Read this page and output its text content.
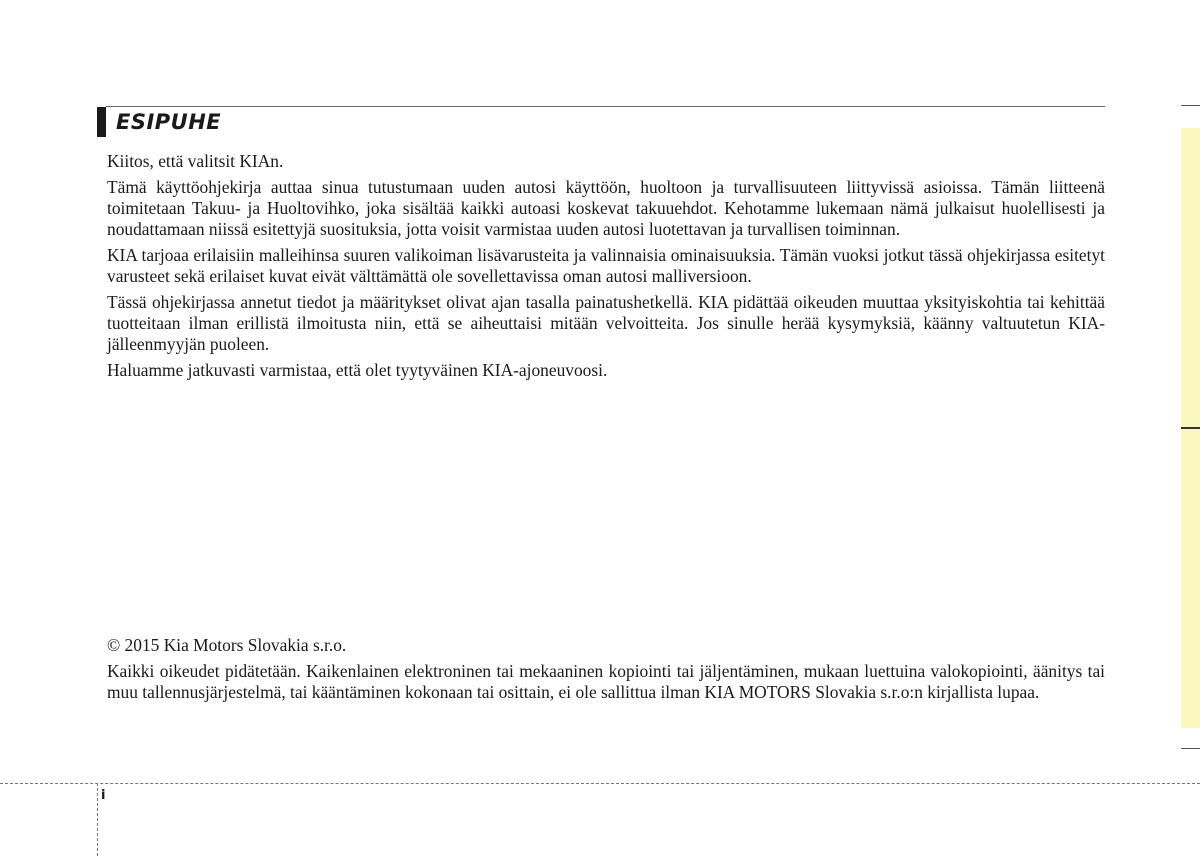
ESIPUHE

Kiitos, että valitsit KIAn.

Tämä käyttöohjekirja auttaa sinua tutustumaan uuden autosi käyttöön, huoltoon ja turvallisuuteen liittyvissä asioissa. Tämän liitteenä toimitetaan Takuu- ja Huoltovihko, joka sisältää kaikki autoasi koskevat takuuehdot. Kehotamme lukemaan nämä julkaisut huolellisesti ja noudattamaan niissä esitettyjä suosituksia, jotta voisit varmistaa uuden autosi luotettavan ja turvallisen toiminnan.

KIA tarjoaa erilaisiin malleihinsa suuren valikoiman lisävarusteita ja valinnaisia ominaisuuksia. Tämän vuoksi jotkut tässä ohjekirjassa esitetyt varusteet sekä erilaiset kuvat eivät välttämättä ole sovellettavissa oman autosi malliversioon.

Tässä ohjekirjassa annetut tiedot ja määritykset olivat ajan tasalla painatushetkellä. KIA pidättää oikeuden muuttaa yksityiskohtia tai kehittää tuotteitaan ilman erillistä ilmoitusta niin, että se aiheuttaisi mitään velvoitteita. Jos sinulle herää kysymyksiä, käänny valtuutetun KIA-jälleenmyyjän puoleen.

Haluamme jatkuvasti varmistaa, että olet tyytyväinen KIA-ajoneuvoosi.

© 2015 Kia Motors Slovakia s.r.o.

Kaikki oikeudet pidätetään. Kaikenlainen elektroninen tai mekaaninen kopiointi tai jäljentäminen, mukaan luettuina valokopiointi, äänitys tai muu tallennusjärjestelmä, tai kääntäminen kokonaan tai osittain, ei ole sallittua ilman KIA MOTORS Slovakia s.r.o:n kirjallista lupaa.

i
